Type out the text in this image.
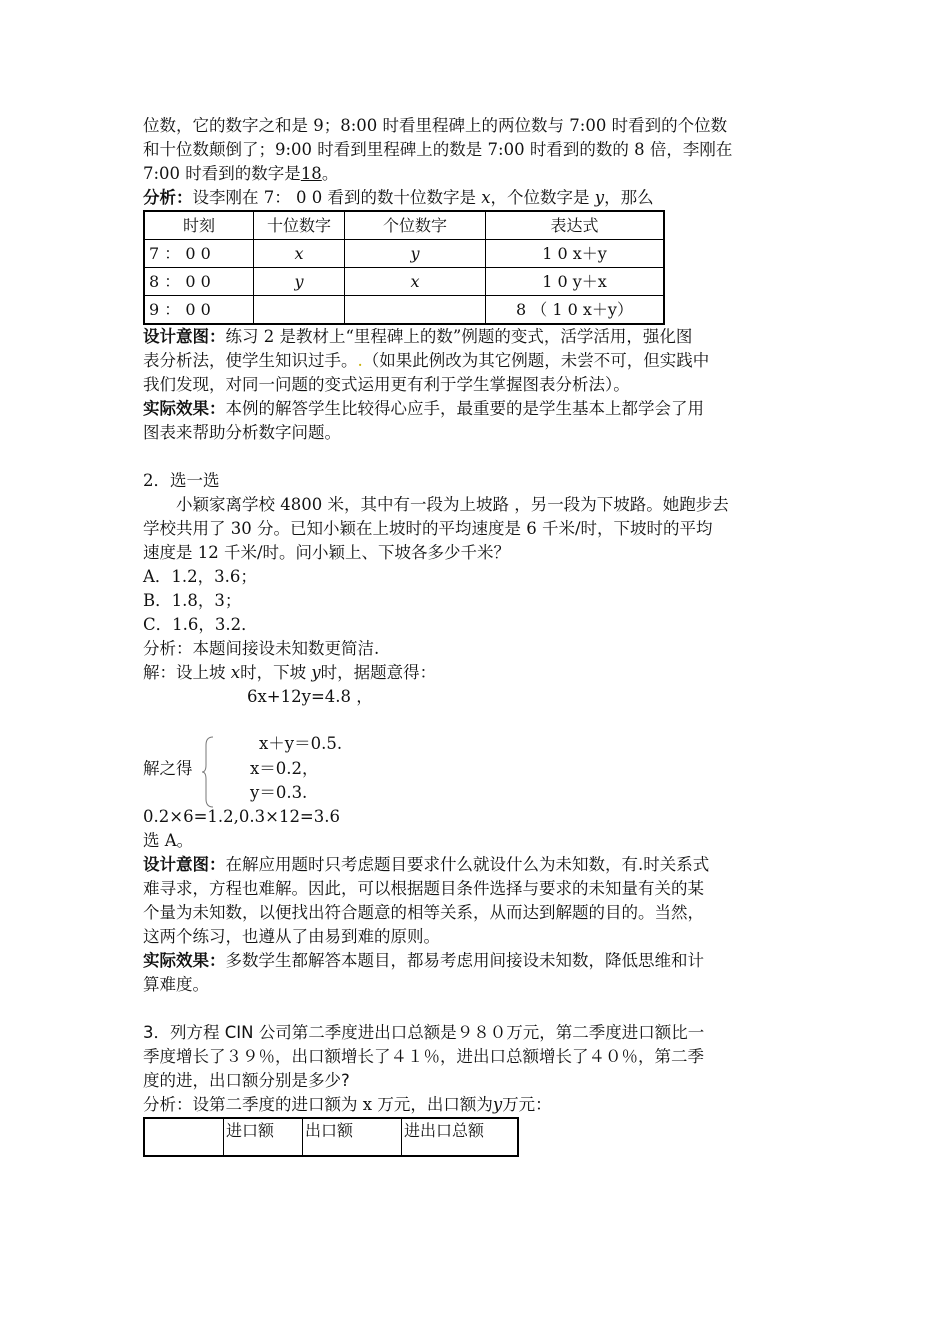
位数，它的数字之和是 9；8:00 时看里程碑上的两位数与 7:00 时看到的个位数

和十位数颠倒了；9:00 时看到里程碑上的数是 7:00 时看到的数的 8 倍，李刚在

7:00 时看到的数字是18。

分析：设李刚在 7： 0 0 看到的数十位数字是 x，个位数字是 y，那么

时刻	十位数字	个位数字	表达式
7 ： 0 0	x	y	1 0 x＋y
8 ： 0 0	y	x	1 0 y＋x
9 ： 0 0			8 （ 1 0 x＋y）

设计意图：练习 2 是教材上“里程碑上的数”例题的变式，活学活用，强化图

表分析法，使学生知识过手。.（如果此例改为其它例题，未尝不可，但实践中

我们发现，对同一问题的变式运用更有利于学生掌握图表分析法）。

实际效果：本例的解答学生比较得心应手，最重要的是学生基本上都学会了用

图表来帮助分析数字问题。

2．选一选

小颖家离学校 4800 米，其中有一段为上坡路 ，另一段为下坡路。她跑步去

学校共用了 30 分。已知小颖在上坡时的平均速度是 6 千米/时，下坡时的平均

速度是 12 千米/时。问小颖上、下坡各多少千米？

A．1.2，3.6；

B．1.8，3；

C．1.6，3.2．

分析：本题间接设未知数更简洁.

解：设上坡 x时，下坡 y时，据题意得：

6x+12y=4.8 ，
x＋y＝0.5.
解之得	x＝0.2，
y＝0.3.

0.2×6=1.2,0.3×12=3.6

选 A。

设计意图：在解应用题时只考虑题目要求什么就设什么为未知数，有.时关系式

难寻求，方程也难解。因此，可以根据题目条件选择与要求的未知量有关的某

个量为未知数，以便找出符合题意的相等关系，从而达到解题的目的。当然，

这两个练习，也遵从了由易到难的原则。

实际效果：多数学生都解答本题目，都易考虑用间接设未知数，降低思维和计

算难度。

3．列方程 CIN 公司第二季度进出口总额是９８０万元，第二季度进口额比一

季度增长了３９％，出口额增长了４１％，进出口总额增长了４０％，第二季

度的进，出口额分别是多少?

分析：设第二季度的进口额为 x 万元，出口额为y万元：

	进口额	出口额	进出口总额
